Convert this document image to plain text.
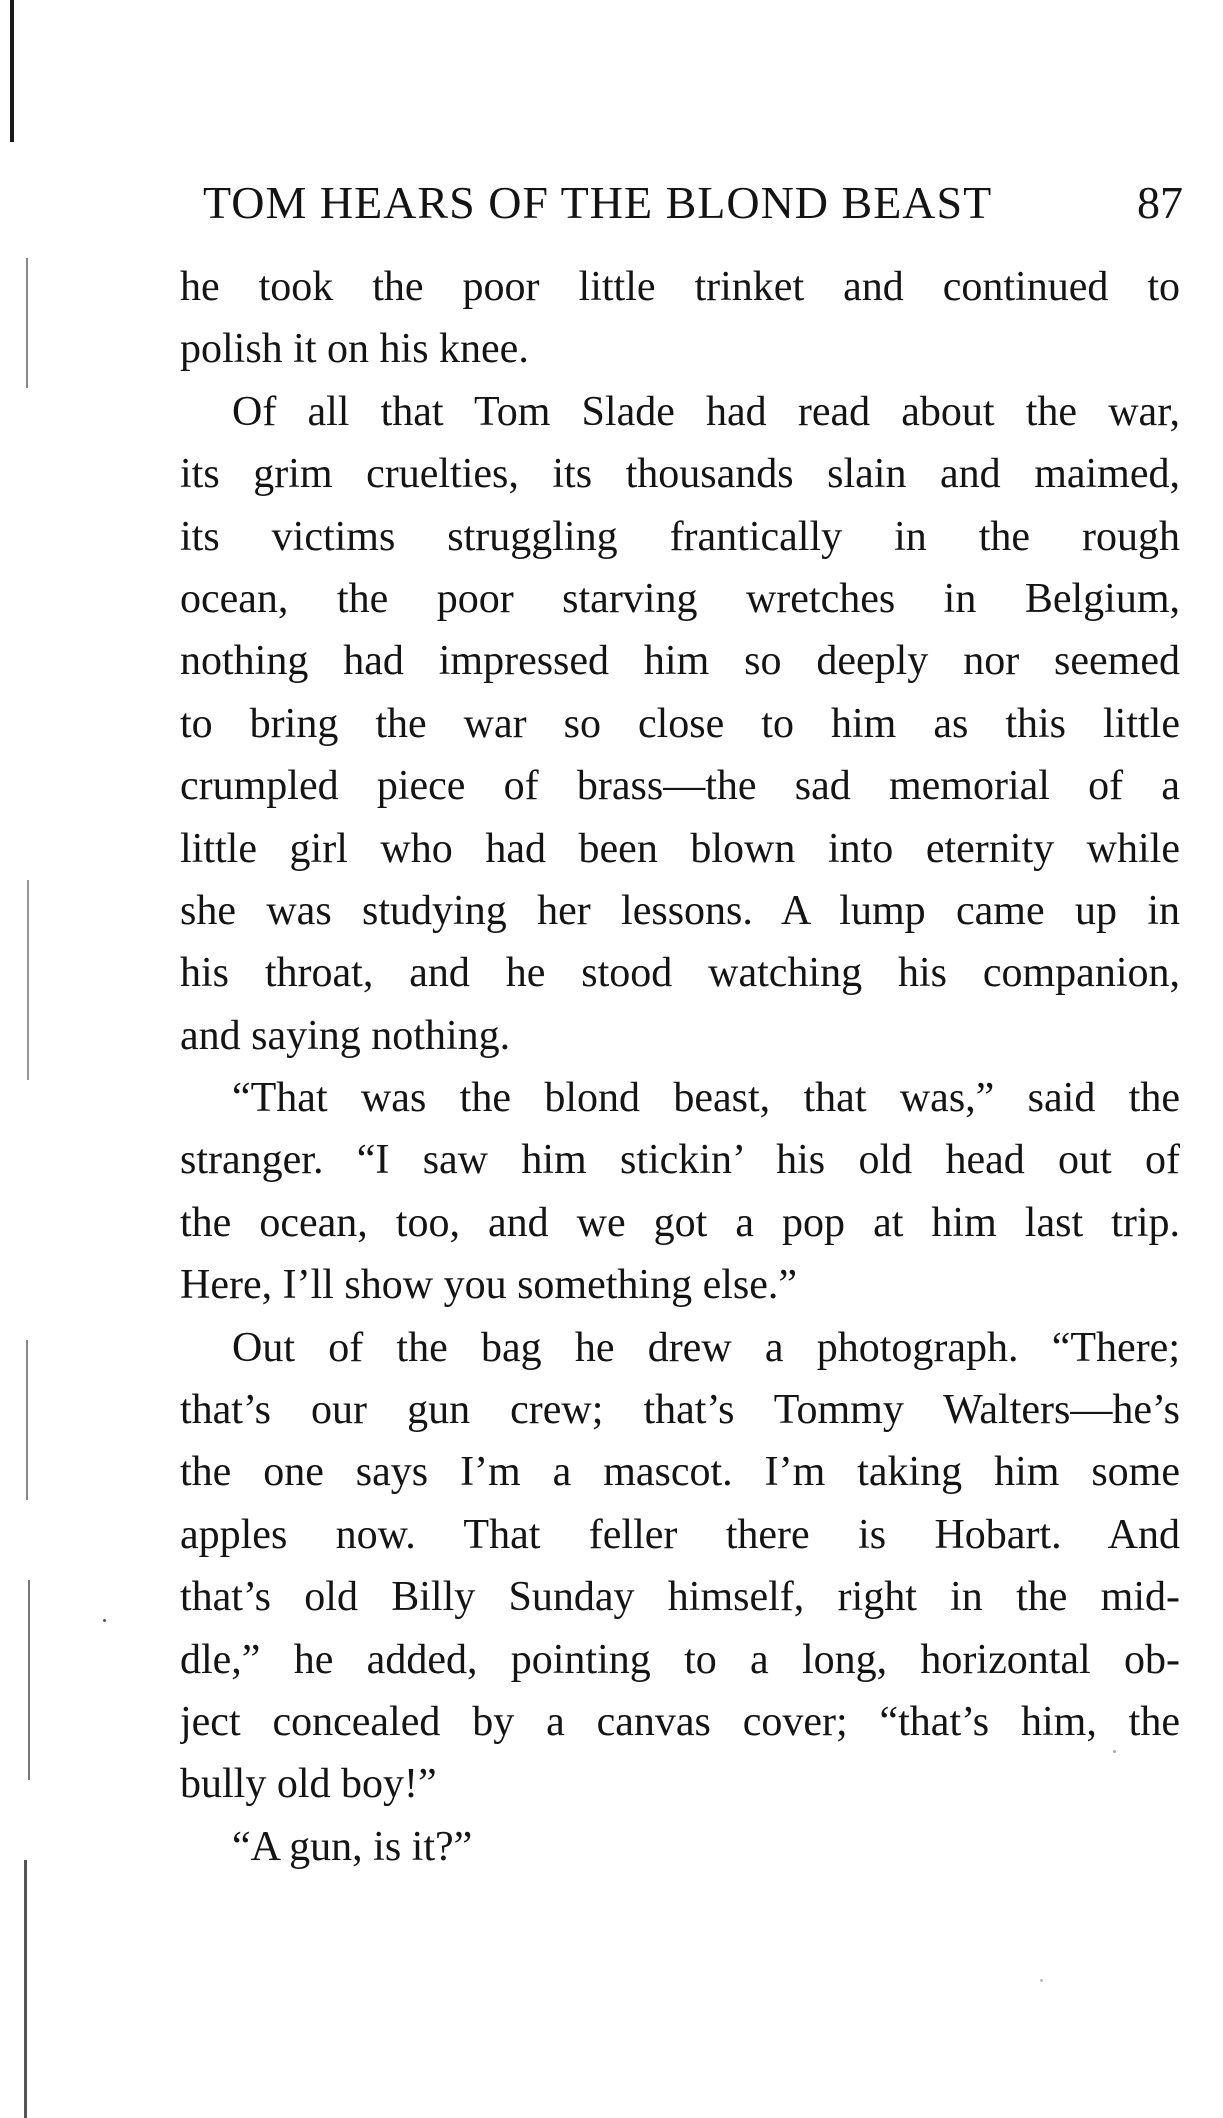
TOM HEARS OF THE BLOND BEAST	87
he took the poor little trinket and continued to
polish it on his knee.
Of all that Tom Slade had read about the war,
its grim cruelties, its thousands slain and maimed,
its victims struggling frantically in the rough
ocean, the poor starving wretches in Belgium,
nothing had impressed him so deeply nor seemed
to bring the war so close to him as this little
crumpled piece of brass—the sad memorial of a
little girl who had been blown into eternity while
she was studying her lessons. A lump came up in
his throat, and he stood watching his companion,
and saying nothing.
“That was the blond beast, that was,” said the
stranger. “I saw him stickin’ his old head out of
the ocean, too, and we got a pop at him last trip.
Here, I’ll show you something else.”
Out of the bag he drew a photograph. “There;
that’s our gun crew; that’s Tommy Walters—he’s
the one says I’m a mascot. I’m taking him some
apples now. That feller there is Hobart. And
that’s old Billy Sunday himself, right in the mid-
dle,” he added, pointing to a long, horizontal ob-
ject concealed by a canvas cover; “that’s him, the
bully old boy!”
“A gun, is it?”
